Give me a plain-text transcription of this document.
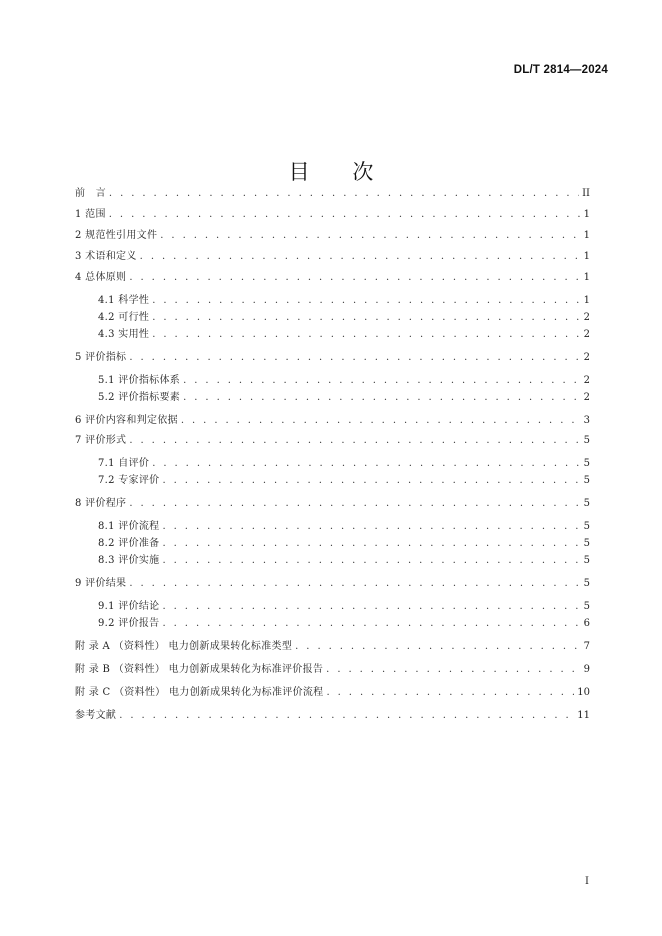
DL/T 2814—2024
目 次
前　言 . . .	II
1 范围 . . .	1
2 规范性引用文件 . . .	1
3 术语和定义 . . .	1
4 总体原则 . . .	1
4.1 科学性 . . .	1
4.2 可行性 . . .	2
4.3 实用性 . . .	2
5 评价指标 . . .	2
5.1 评价指标体系 . . .	2
5.2 评价指标要素 . . .	2
6 评价内容和判定依据 . . .	3
7 评价形式 . . .	5
7.1 自评价 . . .	5
7.2 专家评价 . . .	5
8 评价程序 . . .	5
8.1 评价流程 . . .	5
8.2 评价准备 . . .	5
8.3 评价实施 . . .	5
9 评价结果 . . .	5
9.1 评价结论 . . .	5
9.2 评价报告 . . .	6
附 录 A （资料性） 电力创新成果转化标准类型 . . .	7
附 录 B （资料性） 电力创新成果转化为标准评价报告 . . .	9
附 录 C （资料性） 电力创新成果转化为标准评价流程 . . .	10
参考文献 . . .	11
I
